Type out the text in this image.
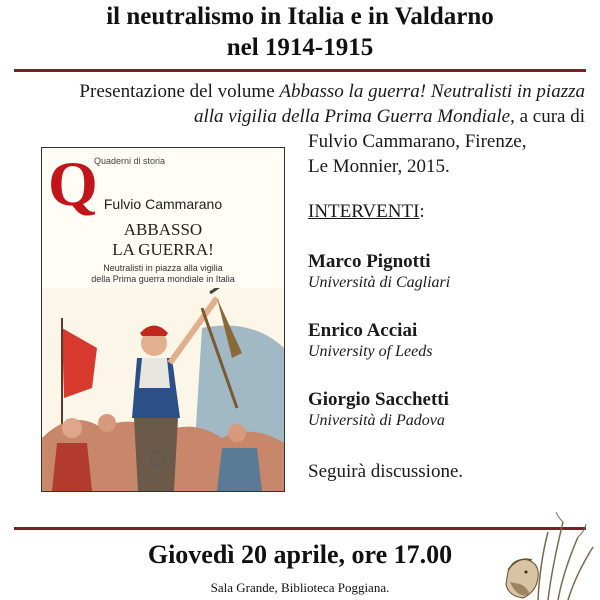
il neutralismo in Italia e in Valdarno
nel 1914-1915
Presentazione del volume Abbasso la guerra! Neutralisti in piazza
alla vigilia della Prima Guerra Mondiale, a cura di
Fulvio Cammarano, Firenze,
Le Monnier, 2015.
Q
Quaderni di storia
Fulvio Cammarano
ABBASSO
LA GUERRA!
Neutralisti in piazza alla vigilia
della Prima guerra mondiale in Italia
INTERVENTI:
Marco Pignotti
Università di Cagliari
Enrico Acciai
University of Leeds
Giorgio Sacchetti
Università di Padova
Seguirà discussione.
Giovedì 20 aprile, ore 17.00
Sala Grande, Biblioteca Poggiana.
